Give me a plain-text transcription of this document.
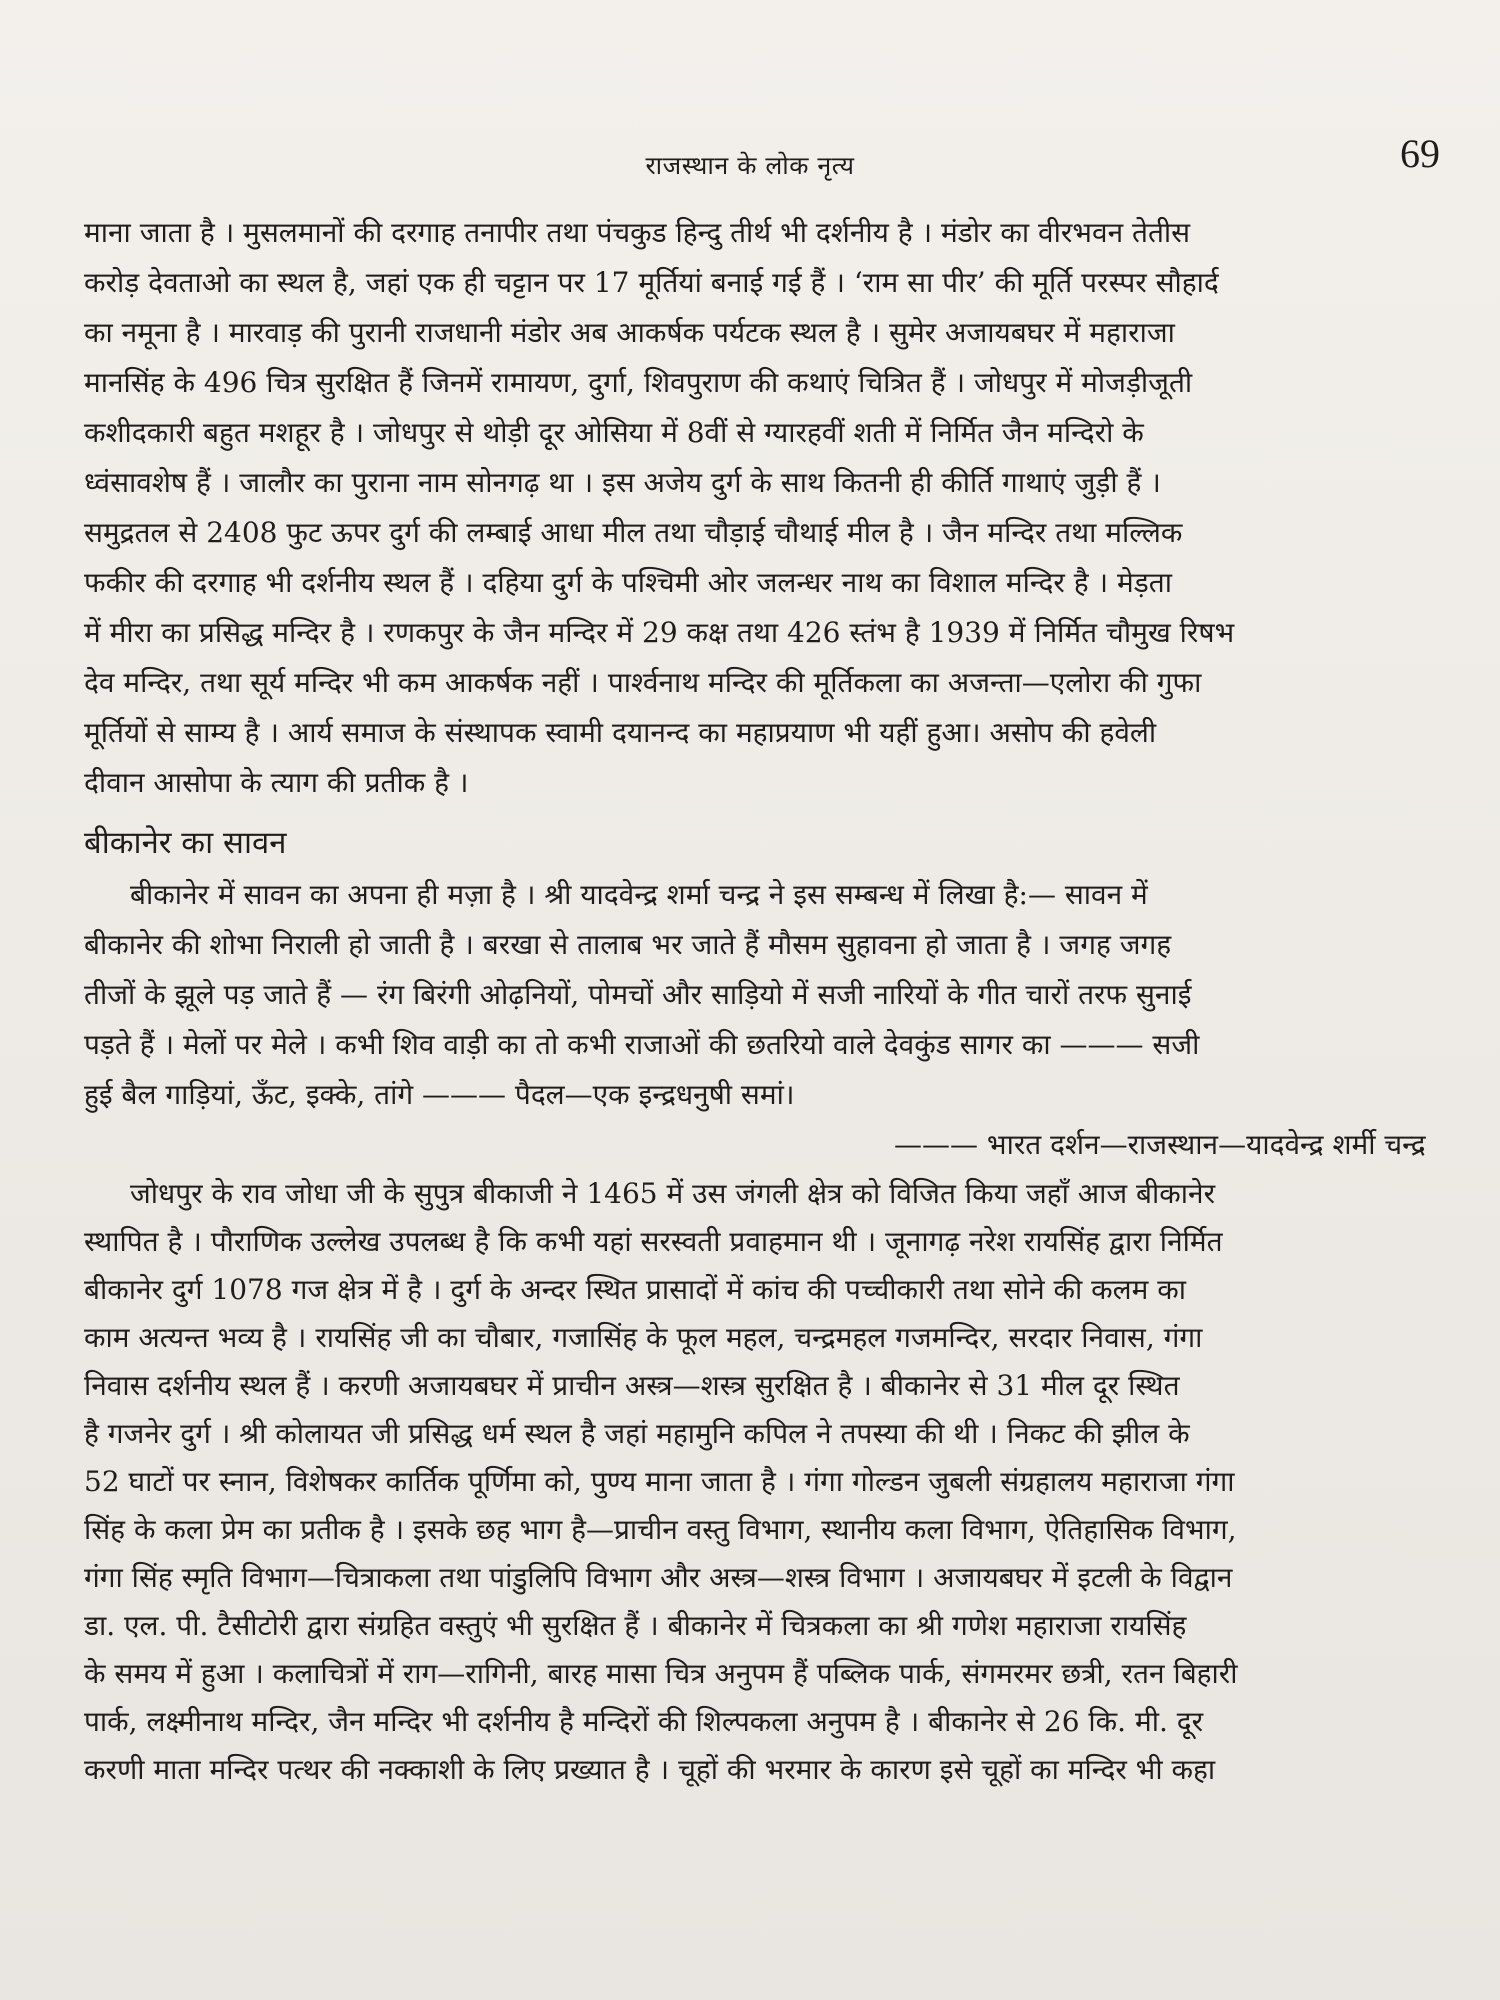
राजस्थान के लोक नृत्य	69
माना जाता है । मुसलमानों की दरगाह तनापीर तथा पंचकुड हिन्दु तीर्थ भी दर्शनीय है । मंडोर का वीरभवन तेतीस
करोड़ देवताओ का स्थल है, जहां एक ही चट्टान पर 17 मूर्तियां बनाई गई हैं । ‘राम सा पीर’ की मूर्ति परस्पर सौहार्द
का नमूना है । मारवाड़ की पुरानी राजधानी मंडोर अब आकर्षक पर्यटक स्थल है । सुमेर अजायबघर में महाराजा
मानसिंह के 496 चित्र सुरक्षित हैं जिनमें रामायण, दुर्गा, शिवपुराण की कथाएं चित्रित हैं । जोधपुर में मोजड़ीजूती
कशीदकारी बहुत मशहूर है । जोधपुर से थोड़ी दूर ओसिया में 8वीं से ग्यारहवीं शती में निर्मित जैन मन्दिरो के
ध्वंसावशेष हैं । जालौर का पुराना नाम सोनगढ़ था । इस अजेय दुर्ग के साथ कितनी ही कीर्ति गाथाएं जुड़ी हैं ।
समुद्रतल से 2408 फुट ऊपर दुर्ग की लम्बाई आधा मील तथा चौड़ाई चौथाई मील है । जैन मन्दिर तथा मल्लिक
फकीर की दरगाह भी दर्शनीय स्थल हैं । दहिया दुर्ग के पश्चिमी ओर जलन्धर नाथ का विशाल मन्दिर है । मेड़ता
में मीरा का प्रसिद्ध मन्दिर है । रणकपुर के जैन मन्दिर में 29 कक्ष तथा 426 स्तंभ है 1939 में निर्मित चौमुख रिषभ
देव मन्दिर, तथा सूर्य मन्दिर भी कम आकर्षक नहीं । पार्श्वनाथ मन्दिर की मूर्तिकला का अजन्ता—एलोरा की गुफा
मूर्तियों से साम्य है । आर्य समाज के संस्थापक स्वामी दयानन्द का महाप्रयाण भी यहीं हुआ। असोप की हवेली
दीवान आसोपा के त्याग की प्रतीक है ।
बीकानेर का सावन
बीकानेर में सावन का अपना ही मज़ा है । श्री यादवेन्द्र शर्मा चन्द्र ने इस सम्बन्ध में लिखा है:— सावन में
बीकानेर की शोभा निराली हो जाती है । बरखा से तालाब भर जाते हैं मौसम सुहावना हो जाता है । जगह जगह
तीजों के झूले पड़ जाते हैं — रंग बिरंगी ओढ़नियों, पोमचों और साड़ियो में सजी नारियों के गीत चारों तरफ सुनाई
पड़ते हैं । मेलों पर मेले । कभी शिव वाड़ी का तो कभी राजाओं की छतरियो वाले देवकुंड सागर का ——— सजी
हुई बैल गाड़ियां, ऊँट, इक्के, तांगे ——— पैदल—एक इन्द्रधनुषी समां।
——— भारत दर्शन—राजस्थान—यादवेन्द्र शर्मी चन्द्र
जोधपुर के राव जोधा जी के सुपुत्र बीकाजी ने 1465 में उस जंगली क्षेत्र को विजित किया जहाँ आज बीकानेर
स्थापित है । पौराणिक उल्लेख उपलब्ध है कि कभी यहां सरस्वती प्रवाहमान थी । जूनागढ़ नरेश रायसिंह द्वारा निर्मित
बीकानेर दुर्ग 1078 गज क्षेत्र में है । दुर्ग के अन्दर स्थित प्रासादों में कांच की पच्चीकारी तथा सोने की कलम का
काम अत्यन्त भव्य है । रायसिंह जी का चौबार, गजासिंह के फूल महल, चन्द्रमहल गजमन्दिर, सरदार निवास, गंगा
निवास दर्शनीय स्थल हैं । करणी अजायबघर में प्राचीन अस्त्र—शस्त्र सुरक्षित है । बीकानेर से 31 मील दूर स्थित
है गजनेर दुर्ग । श्री कोलायत जी प्रसिद्ध धर्म स्थल है जहां महामुनि कपिल ने तपस्या की थी । निकट की झील के
52 घाटों पर स्नान, विशेषकर कार्तिक पूर्णिमा को, पुण्य माना जाता है । गंगा गोल्डन जुबली संग्रहालय महाराजा गंगा
सिंह के कला प्रेम का प्रतीक है । इसके छह भाग है—प्राचीन वस्तु विभाग, स्थानीय कला विभाग, ऐतिहासिक विभाग,
गंगा सिंह स्मृति विभाग—चित्राकला तथा पांडुलिपि विभाग और अस्त्र—शस्त्र विभाग । अजायबघर में इटली के विद्वान
डा. एल. पी. टैसीटोरी द्वारा संग्रहित वस्तुएं भी सुरक्षित हैं । बीकानेर में चित्रकला का श्री गणेश महाराजा रायसिंह
के समय में हुआ । कलाचित्रों में राग—रागिनी, बारह मासा चित्र अनुपम हैं पब्लिक पार्क, संगमरमर छत्री, रतन बिहारी
पार्क, लक्ष्मीनाथ मन्दिर, जैन मन्दिर भी दर्शनीय है मन्दिरों की शिल्पकला अनुपम है । बीकानेर से 26 कि. मी. दूर
करणी माता मन्दिर पत्थर की नक्काशी के लिए प्रख्यात है । चूहों की भरमार के कारण इसे चूहों का मन्दिर भी कहा
